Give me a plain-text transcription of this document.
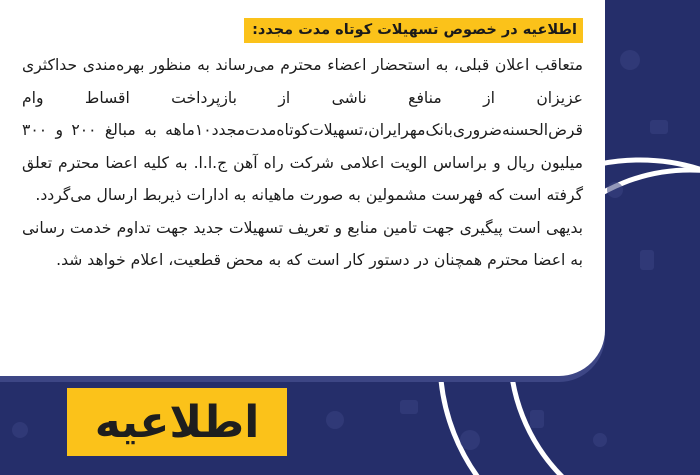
اطلاعیه در خصوص تسهیلات کوتاه مدت مجدد:

متعاقب اعلان قبلی، به استحضار اعضاء محترم می‌رساند به منظور بهره‌مندی حداکثری عزیزان از منافع ناشی از بازپرداخت اقساط وام قرض‌الحسنه‌ضروری‌بانک‌مهرایران،تسهیلات‌کوتاه‌مدت‌مجدد۱۰ماهه به مبالغ ۲۰۰ و ۳۰۰ میلیون ریال و براساس الویت اعلامی شرکت راه آهن ج.ا.ا. به کلیه اعضا محترم تعلق گرفته است که فهرست مشمولین به صورت ماهیانه به ادارات ذیربط ارسال می‌گردد.

بدیهی است پیگیری جهت تامین منابع و تعریف تسهیلات جدید جهت تداوم خدمت رسانی به اعضا محترم همچنان در دستور کار است که به محض قطعیت، اعلام خواهد شد.

اطلاعیه
